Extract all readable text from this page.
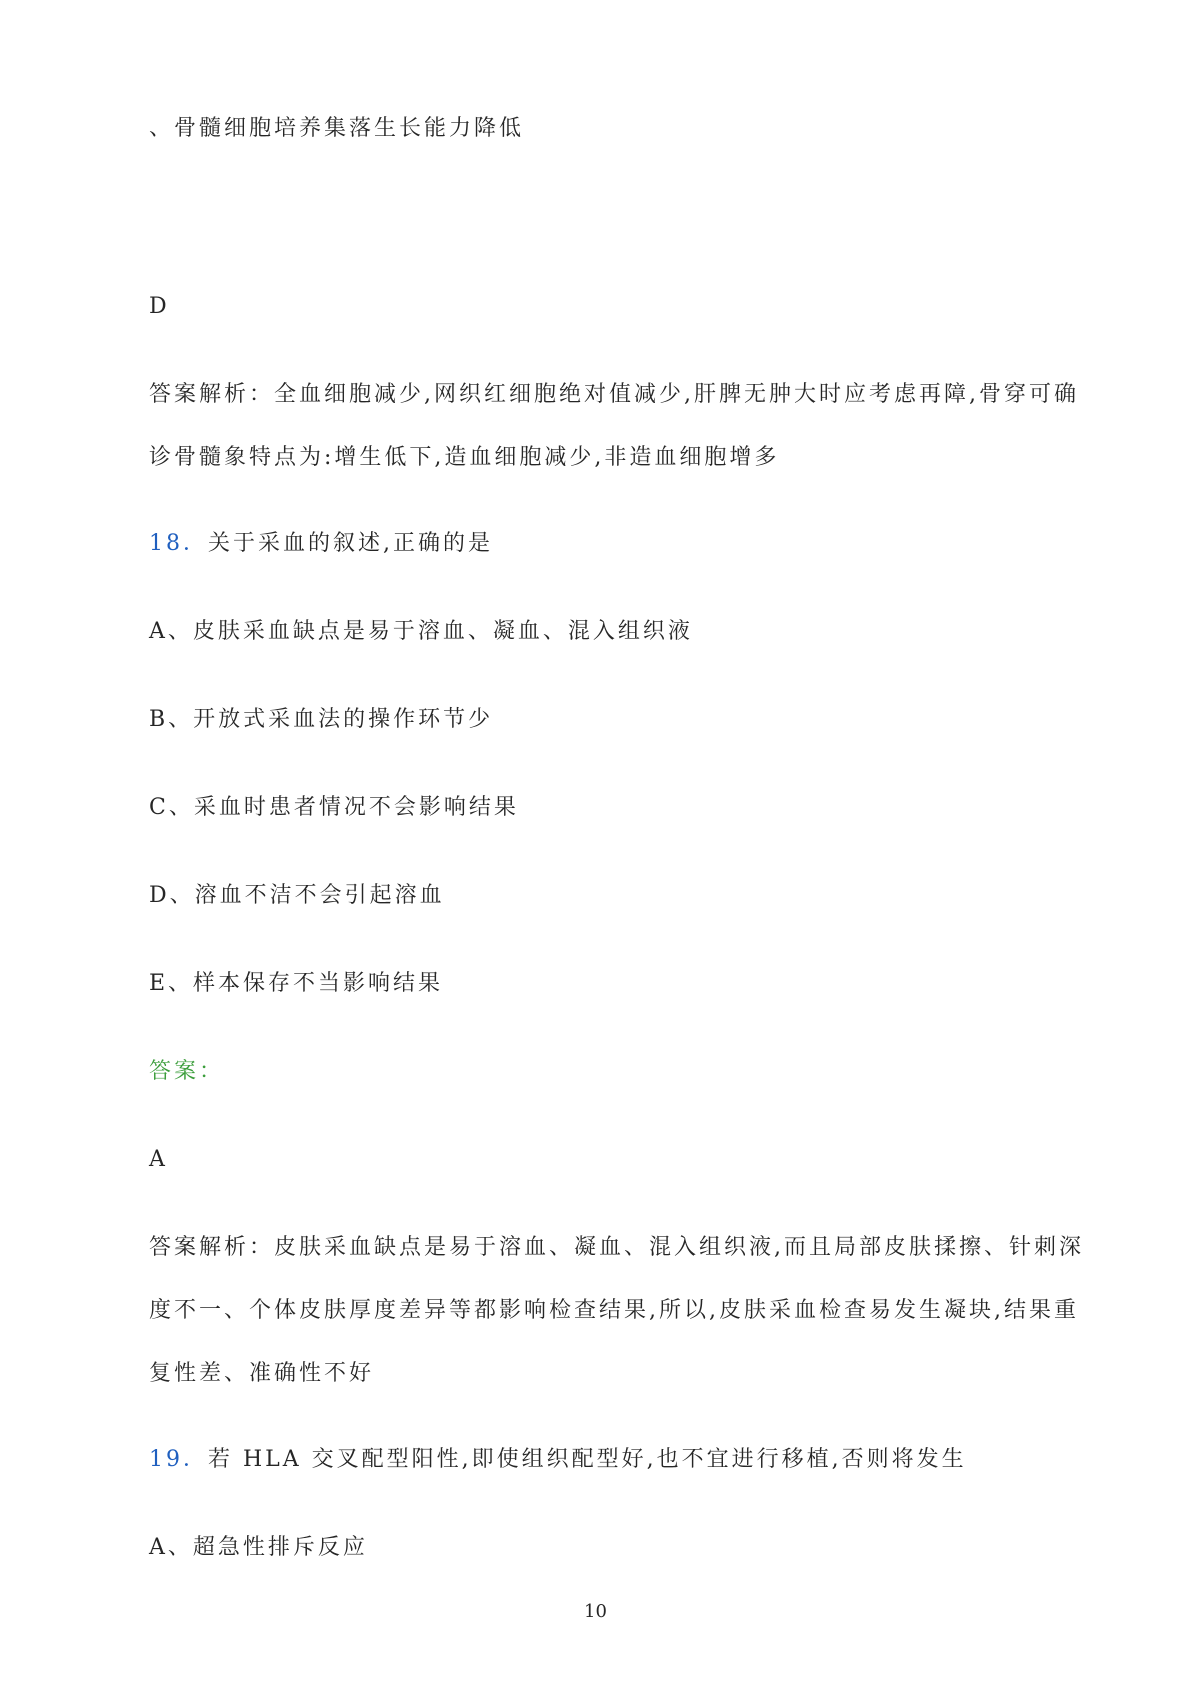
、骨髓细胞培养集落生长能力降低
D
答案解析：全血细胞减少,网织红细胞绝对值减少,肝脾无肿大时应考虑再障,骨穿可确
诊骨髓象特点为:增生低下,造血细胞减少,非造血细胞增多
18．关于采血的叙述,正确的是
A、皮肤采血缺点是易于溶血、凝血、混入组织液
B、开放式采血法的操作环节少
C、采血时患者情况不会影响结果
D、溶血不洁不会引起溶血
E、样本保存不当影响结果
答案：
A
答案解析：皮肤采血缺点是易于溶血、凝血、混入组织液,而且局部皮肤揉擦、针刺深
度不一、个体皮肤厚度差异等都影响检查结果,所以,皮肤采血检查易发生凝块,结果重
复性差、准确性不好
19．若 HLA 交叉配型阳性,即使组织配型好,也不宜进行移植,否则将发生
A、超急性排斥反应
10
